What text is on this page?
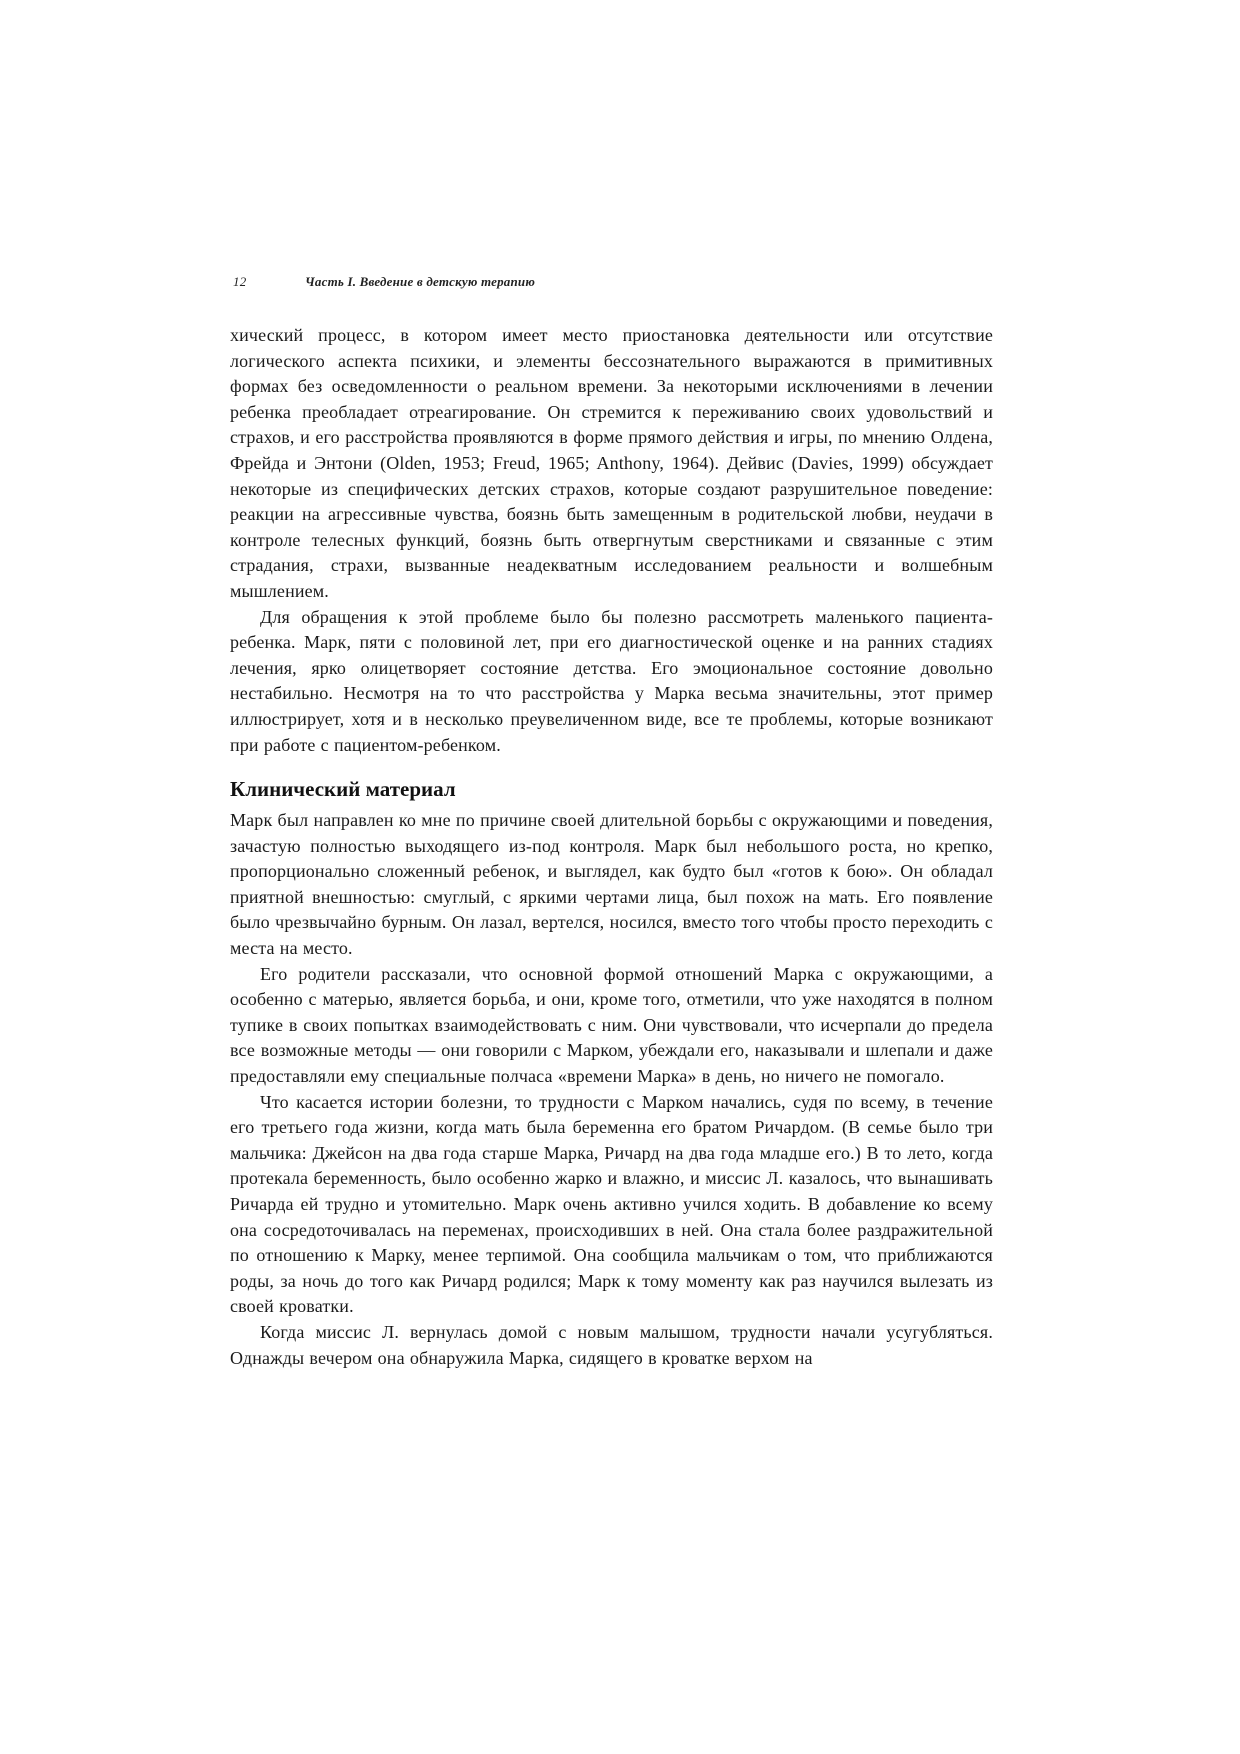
12	Часть I. Введение в детскую терапию

хический процесс, в котором имеет место приостановка деятельности или отсутствие логического аспекта психики, и элементы бессознательного выражаются в примитивных формах без осведомленности о реальном времени. За некоторыми исключениями в лечении ребенка преобладает отреагирование. Он стремится к переживанию своих удовольствий и страхов, и его расстройства проявляются в форме прямого действия и игры, по мнению Олдена, Фрейда и Энтони (Olden, 1953; Freud, 1965; Anthony, 1964). Дейвис (Davies, 1999) обсуждает некоторые из специфических детских страхов, которые создают разрушительное поведение: реакции на агрессивные чувства, боязнь быть замещенным в родительской любви, неудачи в контроле телесных функций, боязнь быть отвергнутым сверстниками и связанные с этим страдания, страхи, вызванные неадекватным исследованием реальности и волшебным мышлением.

Для обращения к этой проблеме было бы полезно рассмотреть маленького пациента-ребенка. Марк, пяти с половиной лет, при его диагностической оценке и на ранних стадиях лечения, ярко олицетворяет состояние детства. Его эмоциональное состояние довольно нестабильно. Несмотря на то что расстройства у Марка весьма значительны, этот пример иллюстрирует, хотя и в несколько преувеличенном виде, все те проблемы, которые возникают при работе с пациентом-ребенком.

Клинический материал

Марк был направлен ко мне по причине своей длительной борьбы с окружающими и поведения, зачастую полностью выходящего из-под контроля. Марк был небольшого роста, но крепко, пропорционально сложенный ребенок, и выглядел, как будто был «готов к бою». Он обладал приятной внешностью: смуглый, с яркими чертами лица, был похож на мать. Его появление было чрезвычайно бурным. Он лазал, вертелся, носился, вместо того чтобы просто переходить с места на место.

Его родители рассказали, что основной формой отношений Марка с окружающими, а особенно с матерью, является борьба, и они, кроме того, отметили, что уже находятся в полном тупике в своих попытках взаимодействовать с ним. Они чувствовали, что исчерпали до предела все возможные методы — они говорили с Марком, убеждали его, наказывали и шлепали и даже предоставляли ему специальные полчаса «времени Марка» в день, но ничего не помогало.

Что касается истории болезни, то трудности с Марком начались, судя по всему, в течение его третьего года жизни, когда мать была беременна его братом Ричардом. (В семье было три мальчика: Джейсон на два года старше Марка, Ричард на два года младше его.) В то лето, когда протекала беременность, было особенно жарко и влажно, и миссис Л. казалось, что вынашивать Ричарда ей трудно и утомительно. Марк очень активно учился ходить. В добавление ко всему она сосредоточивалась на переменах, происходивших в ней. Она стала более раздражительной по отношению к Марку, менее терпимой. Она сообщила мальчикам о том, что приближаются роды, за ночь до того как Ричард родился; Марк к тому моменту как раз научился вылезать из своей кроватки.

Когда миссис Л. вернулась домой с новым малышом, трудности начали усугубляться. Однажды вечером она обнаружила Марка, сидящего в кроватке верхом на
